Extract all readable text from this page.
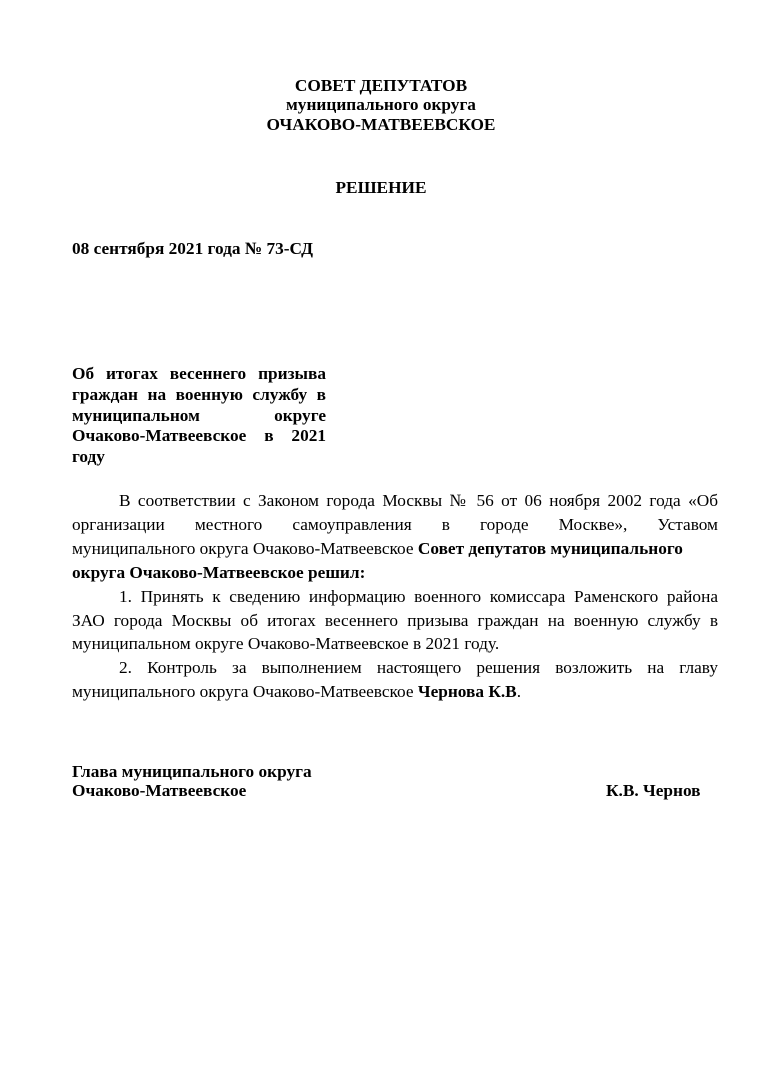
СОВЕТ ДЕПУТАТОВ
муниципального округа
ОЧАКОВО-МАТВЕЕВСКОЕ
РЕШЕНИЕ
08 сентября 2021 года № 73-СД
Об итогах весеннего призыва
граждан на военную службу в
муниципальном округе
Очаково-Матвеевское в 2021
году
В соответствии с Законом города Москвы № 56 от 06 ноября 2002 года «Об
организации местного самоуправления в городе Москве», Уставом
муниципального округа Очаково-Матвеевское Совет депутатов муниципального
округа Очаково-Матвеевское решил:
1. Принять к сведению информацию военного комиссара Раменского района
ЗАО города Москвы об итогах весеннего призыва граждан на военную службу в
муниципальном округе Очаково-Матвеевское в 2021 году.
2. Контроль за выполнением настоящего решения возложить на главу
муниципального округа Очаково-Матвеевское Чернова К.В.
Глава муниципального округа
Очаково-Матвеевское	К.В. Чернов
